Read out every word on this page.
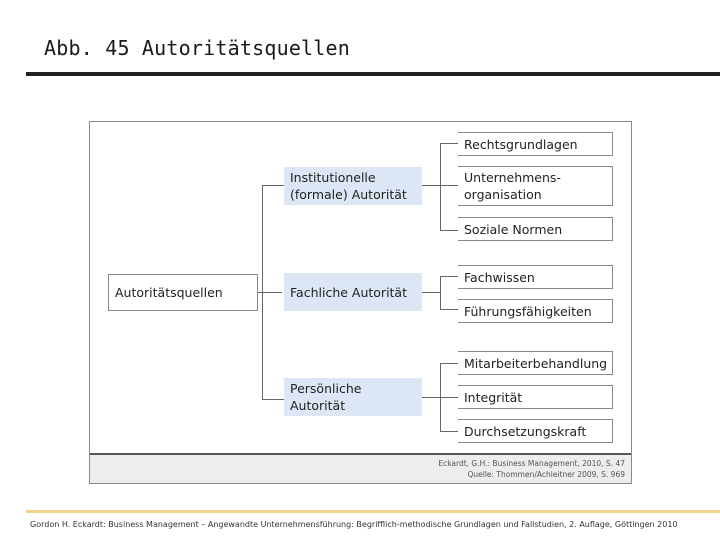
Abb. 45 Autoritätsquellen
Autoritätsquellen
Institutionelle
(formale) Autorität
Fachliche Autorität
Persönliche
Autorität
Rechtsgrundlagen
Unternehmens-
organisation
Soziale Normen
Fachwissen
Führungsfähigkeiten
Mitarbeiterbehandlung
Integrität
Durchsetzungskraft
Eckardt, G.H.: Business Management, 2010, S. 47
Quelle: Thommen/Achleitner 2009, S. 969
Gordon H. Eckardt: Business Management – Angewandte Unternehmensführung: Begrifflich-methodische Grundlagen und Fallstudien, 2. Auflage, Göttingen 2010
